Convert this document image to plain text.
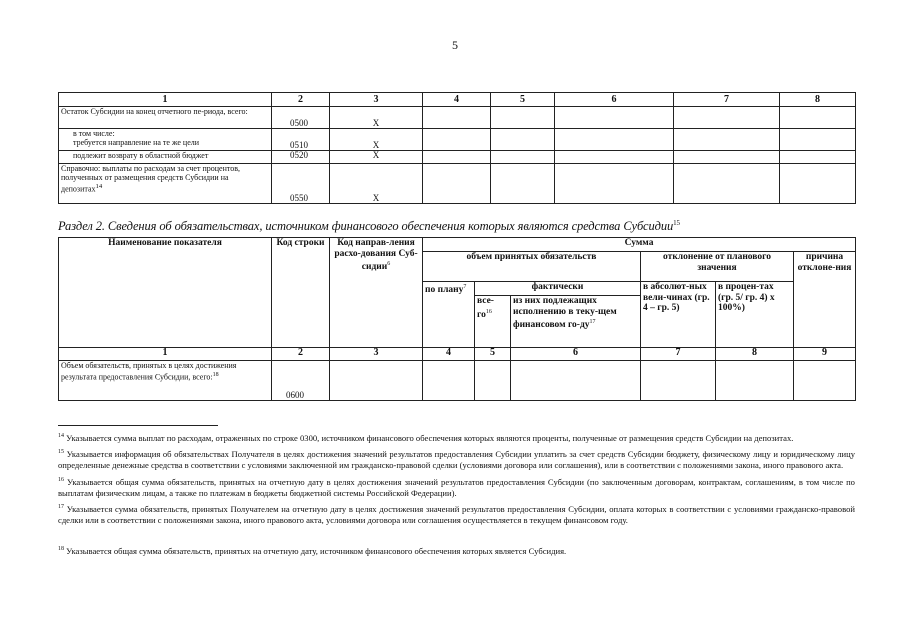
5
1	2	3	4	5	6	7	8
Остаток Субсидии на конец отчетного пе-риода, всего:	0500	X					

в том числе:
требуется направление на те же цели	0510	X					
подлежит возврату в областной бюджет	0520	X					
Справочно: выплаты по расходам за счет процентов, полученных от размещения средств Субсидии на депозитах$^{14}$	0550	X					
Раздел 2. Сведения об обязательствах, источником финансового обеспечения которых являются средства Субсидии$^{15}$
Наименование показателя	Код строки	Код направ-ления расхо-дования Суб-сидии$^6$	Сумма					
			объем принятых обязательств			отклонение от планового значения		причина отклоне-ния
			по плану$^7$	фактически		в абсолют-ных вели-чинах (гр. 4 – гр. 5)	в процен-тах (гр. 5/ гр. 4) х 100%)	
				все-$го^{16}$	из них подлежащих исполнению в теку-щем финансовом $го-ду^{17}$
1	2	3	4	5	6	7	8	9
Объем обязательств, принятых в целях достижения результата предоставления Субсидии, всего:$^{18}$	0600							

$^{14}$ Указывается сумма выплат по расходам, отраженных по строке 0300, источником финансового обеспечения которых являются проценты, полученные от размещения средств Субсидии на депозитах.

$^{15}$ Указывается информация об обязательствах Получателя в целях достижения значений результатов предоставления Субсидии уплатить за счет средств Субсидии бюджету, физическому лицу и юридическому лицу определенные денежные средства в соответствии с условиями заключенной им гражданско-правовой сделки (условиями договора или соглашения), или в соответствии с положениями закона, иного правового акта.

$^{16}$ Указывается общая сумма обязательств, принятых на отчетную дату в целях достижения значений результатов предоставления Субсидии (по заключенным договорам, контрактам, соглашениям, в том числе по выплатам физическим лицам, а также по платежам в бюджеты бюджетной системы Российской Федерации).

$^{17}$ Указывается сумма обязательств, принятых Получателем на отчетную дату в целях достижения значений результатов предоставления Субсидии, оплата которых в соответствии с условиями гражданско-правовой сделки или в соответствии с положениями закона, иного правового акта, условиями договора или соглашения осуществляется в текущем финансовом году.

$^{18}$ Указывается общая сумма обязательств, принятых на отчетную дату, источником финансового обеспечения которых является Субсидия.
